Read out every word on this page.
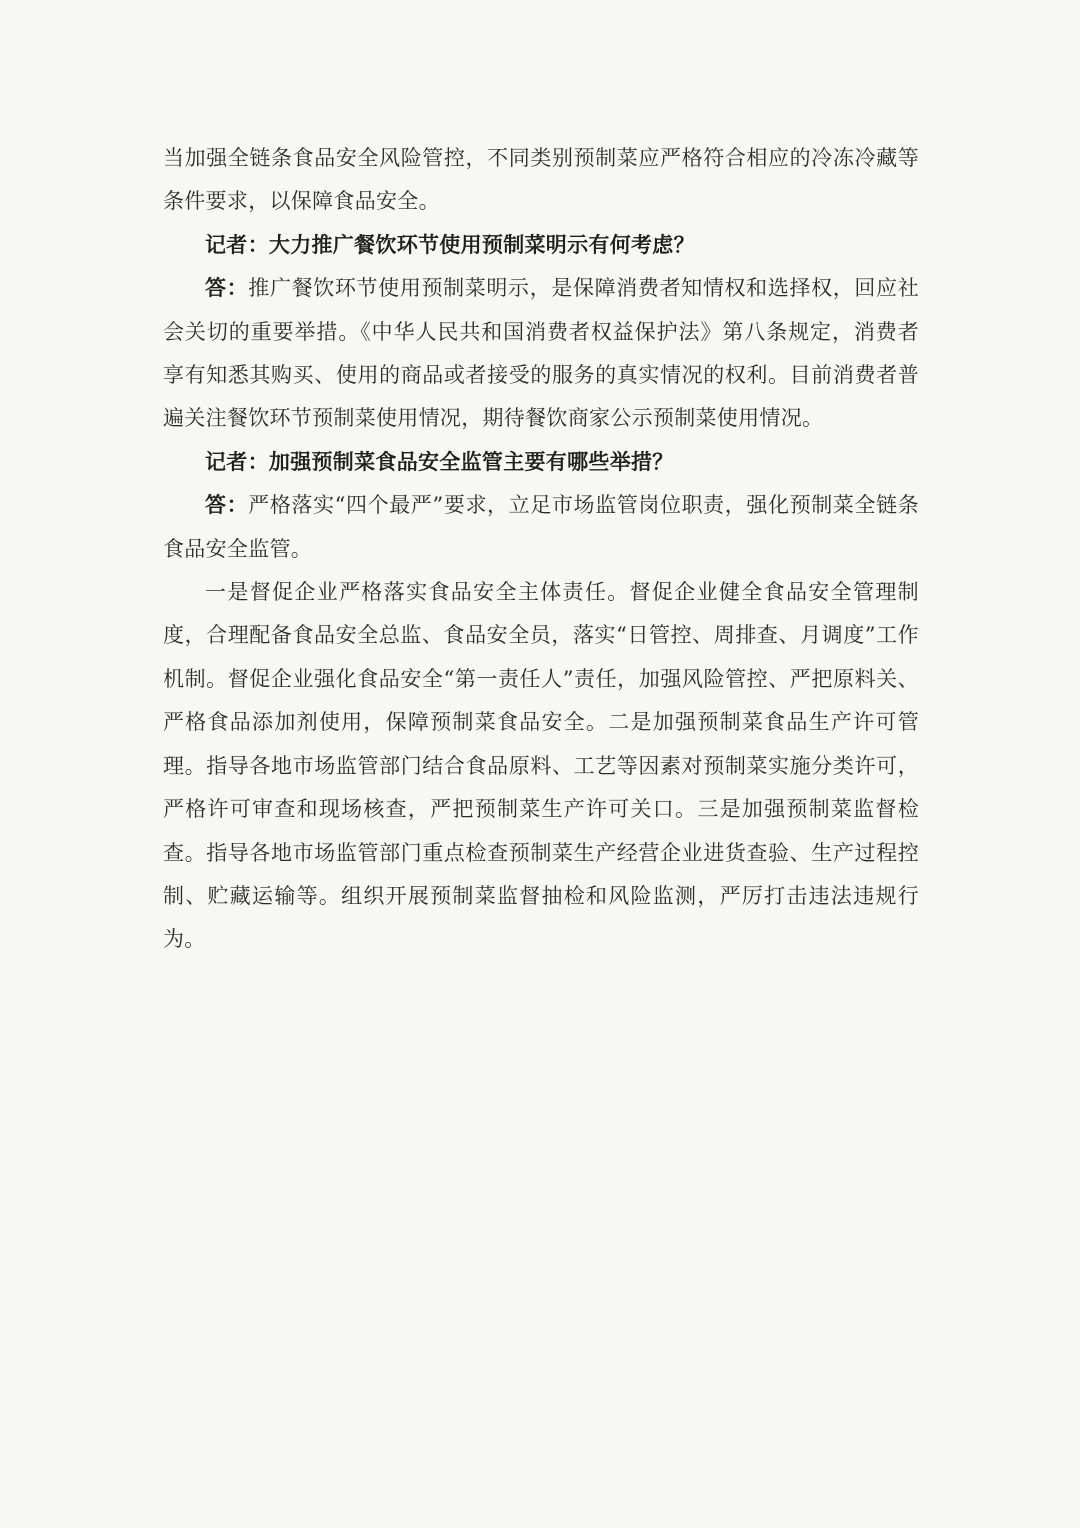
当加强全链条食品安全风险管控，不同类别预制菜应严格符合相应的冷冻冷藏等条件要求，以保障食品安全。

记者：大力推广餐饮环节使用预制菜明示有何考虑？

答：推广餐饮环节使用预制菜明示，是保障消费者知情权和选择权，回应社会关切的重要举措。《中华人民共和国消费者权益保护法》第八条规定，消费者享有知悉其购买、使用的商品或者接受的服务的真实情况的权利。目前消费者普遍关注餐饮环节预制菜使用情况，期待餐饮商家公示预制菜使用情况。

记者：加强预制菜食品安全监管主要有哪些举措？

答：严格落实“四个最严”要求，立足市场监管岗位职责，强化预制菜全链条食品安全监管。

一是督促企业严格落实食品安全主体责任。督促企业健全食品安全管理制度，合理配备食品安全总监、食品安全员，落实“日管控、周排查、月调度”工作机制。督促企业强化食品安全“第一责任人”责任，加强风险管控、严把原料关、严格食品添加剂使用，保障预制菜食品安全。二是加强预制菜食品生产许可管理。指导各地市场监管部门结合食品原料、工艺等因素对预制菜实施分类许可，严格许可审查和现场核查，严把预制菜生产许可关口。三是加强预制菜监督检查。指导各地市场监管部门重点检查预制菜生产经营企业进货查验、生产过程控制、贮藏运输等。组织开展预制菜监督抽检和风险监测，严厉打击违法违规行为。
